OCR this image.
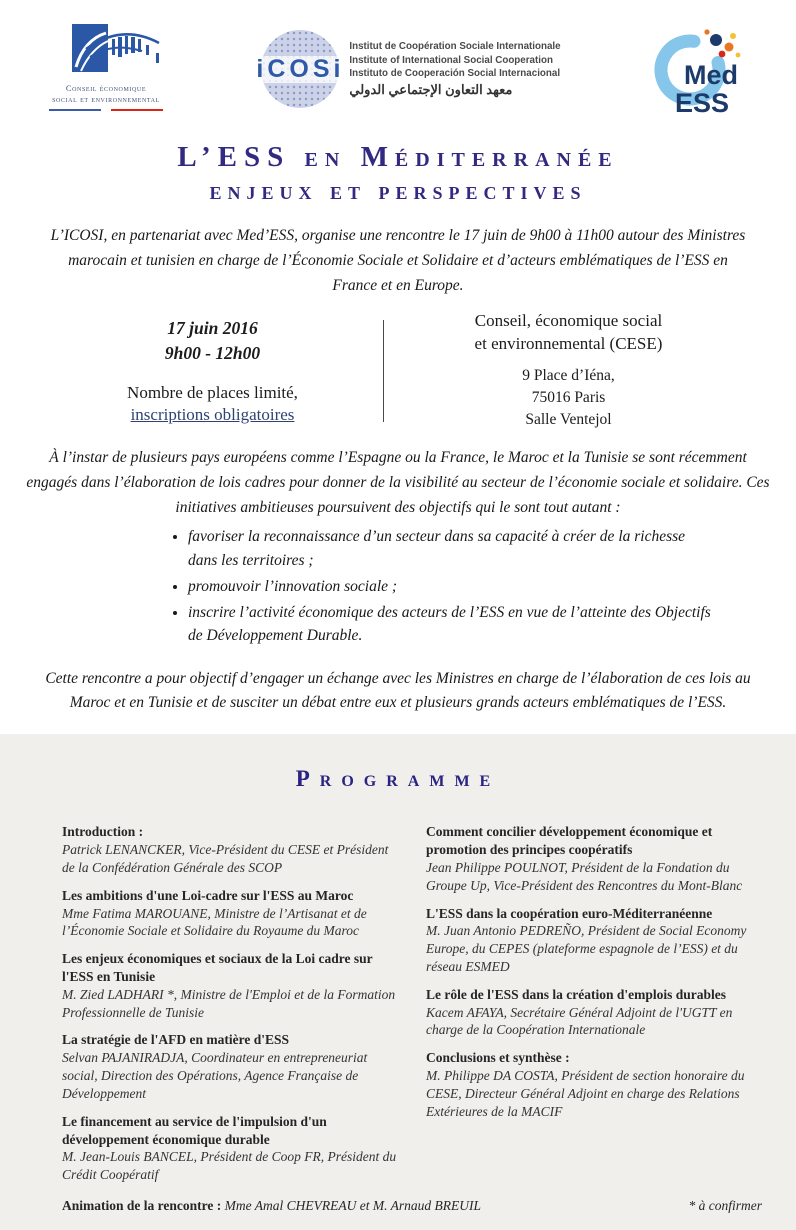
Conseil économique
social et environnemental
iCOSi
Institut de Coopération Sociale Internationale
Institute of International Social Cooperation
Instituto de Cooperación Social Internacional
معهد التعاون الإجتماعي الدولي	Med
ESS
L’ESS en Méditerranée
enjeux et perspectives

L’ICOSI, en partenariat avec Med’ESS, organise une rencontre le 17 juin de 9h00 à 11h00 autour des Ministres marocain et tunisien en charge de l’Économie Sociale et Solidaire et d’acteurs emblématiques de l’ESS en France et en Europe.

17 juin 2016
9h00 - 12h00
Nombre de places limité,
inscriptions obligatoires
Conseil, économique social
et environnemental (CESE)
9 Place d’Iéna,
75016 Paris
Salle Ventejol

À l’instar de plusieurs pays européens comme l’Espagne ou la France, le Maroc et la Tunisie se sont récemment engagés dans l’élaboration de lois cadres pour donner de la visibilité au secteur de l’économie sociale et solidaire. Ces initiatives ambitieuses poursuivent des objectifs qui le sont tout autant :

• favoriser la reconnaissance d’un secteur dans sa capacité à créer de la richesse dans les territoires ;
• promouvoir l’innovation sociale ;
• inscrire l’activité économique des acteurs de l’ESS en vue de l’atteinte des Objectifs de Développement Durable.

Cette rencontre a pour objectif d’engager un échange avec les Ministres en charge de l’élaboration de ces lois au Maroc et en Tunisie et de susciter un débat entre eux et plusieurs grands acteurs emblématiques de l’ESS.

Programme
Introduction :
Patrick LENANCKER, Vice-Président du CESE et Président de la Confédération Générale des SCOP
Les ambitions d'une Loi-cadre sur l'ESS au Maroc
Mme Fatima MAROUANE, Ministre de l’Artisanat et de l’Économie Sociale et Solidaire du Royaume du Maroc
Les enjeux économiques et sociaux de la Loi cadre sur l'ESS en Tunisie
M. Zied LADHARI *, Ministre de l'Emploi et de la Formation Professionnelle de Tunisie
La stratégie de l'AFD en matière d'ESS
Selvan PAJANIRADJA, Coordinateur en entrepreneuriat social, Direction des Opérations, Agence Française de Développement
Le financement au service de l'impulsion d'un développement économique durable
M. Jean-Louis BANCEL, Président de Coop FR, Président du Crédit Coopératif
Comment concilier développement économique et promotion des principes coopératifs
Jean Philippe POULNOT, Président de la Fondation du Groupe Up, Vice-Président des Rencontres du Mont-Blanc
L'ESS dans la coopération euro-Méditerranéenne
M. Juan Antonio PEDREÑO, Président de Social Economy Europe, du CEPES (plateforme espagnole de l’ESS) et du réseau ESMED
Le rôle de l'ESS dans la création d'emplois durables
Kacem AFAYA, Secrétaire Général Adjoint de l'UGTT en charge de la Coopération Internationale
Conclusions et synthèse :
M. Philippe DA COSTA, Président de section honoraire du CESE, Directeur Général Adjoint en charge des Relations Extérieures de la MACIF
Animation de la rencontre : Mme Amal CHEVREAU et M. Arnaud BREUIL	* à confirmer
